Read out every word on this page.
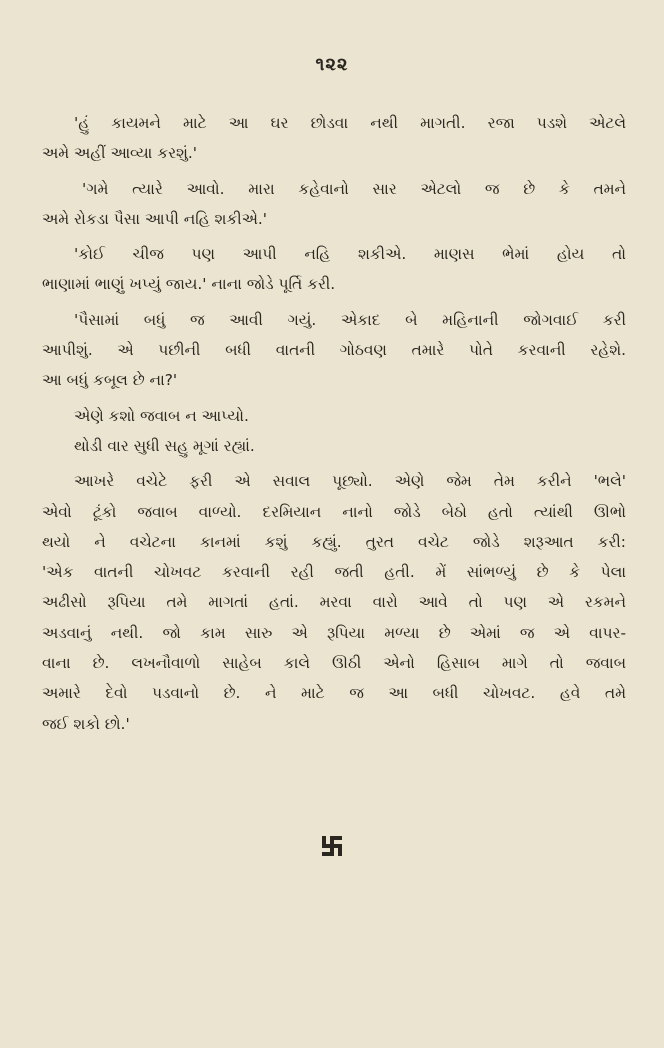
૧૨૨
'હું કાયમને માટે આ ઘર છોડવા નથી માગતી. રજા પડશે એટલે
અમે અહીં આવ્યા કરશું.'
'ગમે ત્યારે આવો. મારા કહેવાનો સાર એટલો જ છે કે તમને
અમે રોકડા પૈસા આપી નહિ શકીએ.'
'કોઈ ચીજ પણ આપી નહિ શકીએ. માણસ ભેમાં હોય તો
ભાણામાં ભાણું ખપ્યું જાય.' નાના જોડે પૂર્તિ કરી.
'પૈસામાં બધું જ આવી ગયું. એકાદ બે મહિનાની જોગવાઈ કરી
આપીશું. એ પછીની બધી વાતની ગોઠવણ તમારે પોતે કરવાની રહેશે.
આ બધું કબૂલ છે ના?'
એણે કશો જવાબ ન આપ્યો.
થોડી વાર સુધી સહુ મૂગાં રહ્યાં.
આખરે વચેટે ફરી એ સવાલ પૂછ્યો. એણે જેમ તેમ કરીને 'ભલે'
એવો ટૂંકો જવાબ વાળ્યો. દરમિયાન નાનો જોડે બેઠો હતો ત્યાંથી ઊભો
થયો ને વચેટના કાનમાં કશું કહ્યું. તુરત વચેટ જોડે શરૂઆત કરી:
'એક વાતની ચોખવટ કરવાની રહી જતી હતી. મેં સાંભળ્યું છે કે પેલા
અઢીસો રૂપિયા તમે માગતાં હતાં. મરવા વારો આવે તો પણ એ રકમને
અડવાનું નથી. જો કામ સારુ એ રૂપિયા મળ્યા છે એમાં જ એ વાપર-
વાના છે. લખનૌવાળો સાહેબ કાલે ઊઠી એનો હિસાબ માગે તો જવાબ
અમારે દેવો પડવાનો છે. ને માટે જ આ બધી ચોખવટ. હવે તમે
જઈ શકો છો.'
